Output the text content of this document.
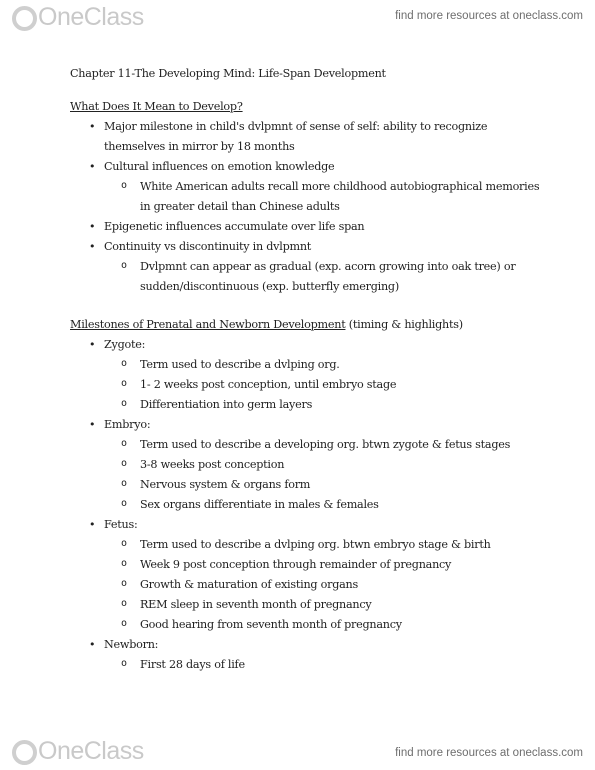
OneClass	find more resources at oneclass.com
Chapter 11-The Developing Mind: Life-Span Development
What Does It Mean to Develop?
• Major milestone in child's dvlpmnt of sense of self: ability to recognize
themselves in mirror by 18 months
• Cultural influences on emotion knowledge
o White American adults recall more childhood autobiographical memories
in greater detail than Chinese adults
• Epigenetic influences accumulate over life span
• Continuity vs discontinuity in dvlpmnt
o Dvlpmnt can appear as gradual (exp. acorn growing into oak tree) or
sudden/discontinuous (exp. butterfly emerging)
Milestones of Prenatal and Newborn Development (timing & highlights)
• Zygote:
o Term used to describe a dvlping org.
o 1- 2 weeks post conception, until embryo stage
o Differentiation into germ layers
• Embryo:
o Term used to describe a developing org. btwn zygote & fetus stages
o 3-8 weeks post conception
o Nervous system & organs form
o Sex organs differentiate in males & females
• Fetus:
o Term used to describe a dvlping org. btwn embryo stage & birth
o Week 9 post conception through remainder of pregnancy
o Growth & maturation of existing organs
o REM sleep in seventh month of pregnancy
o Good hearing from seventh month of pregnancy
• Newborn:
o First 28 days of life
OneClass	find more resources at oneclass.com
